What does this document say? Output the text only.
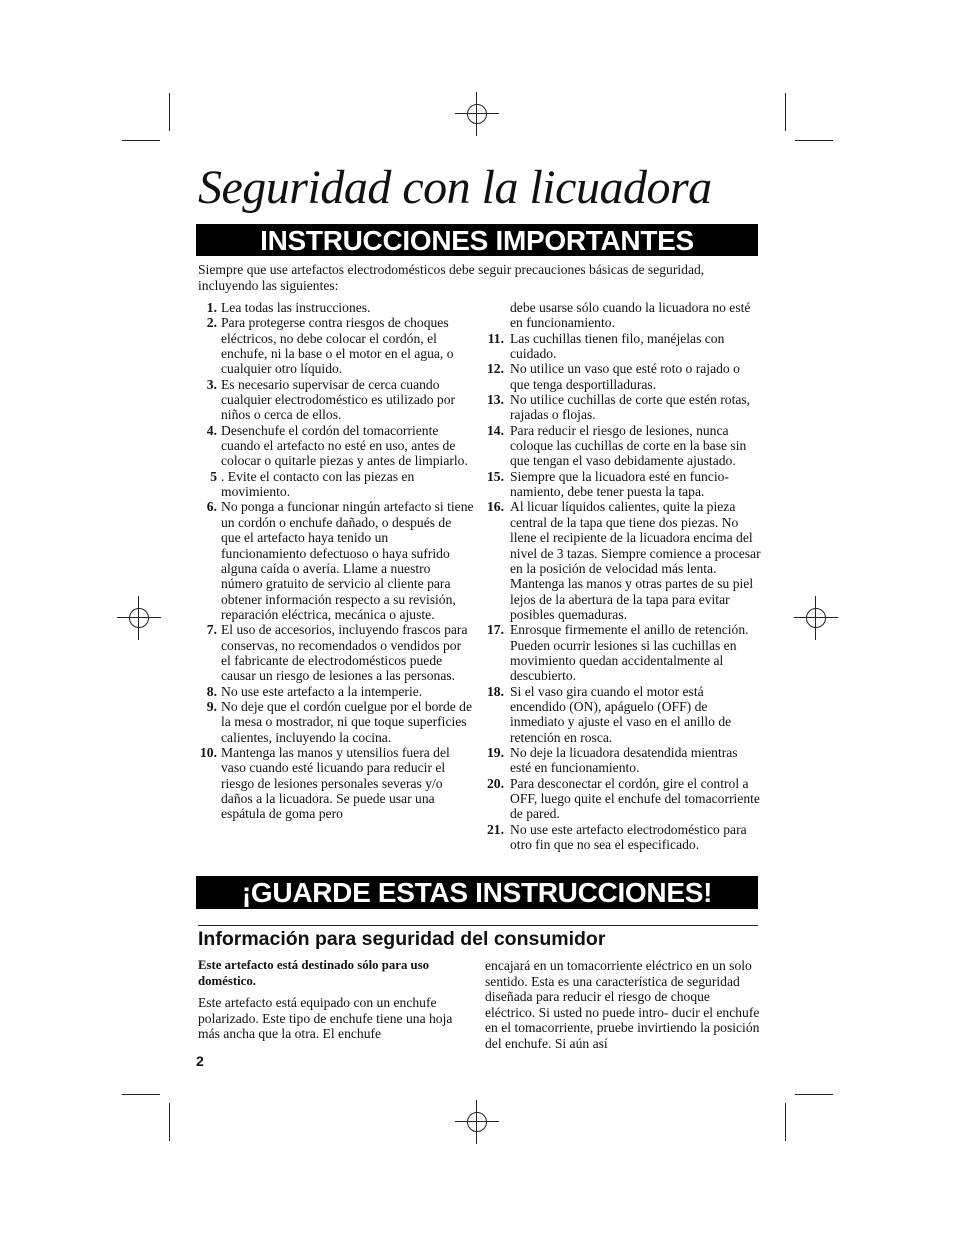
Seguridad con la licuadora
INSTRUCCIONES IMPORTANTES

Siempre que use artefactos electrodomésticos debe seguir precauciones básicas de seguridad, incluyendo las siguientes:

1. Lea todas las instrucciones.
2. Para protegerse contra riesgos de choques eléctricos, no debe colocar el cordón, el enchufe, ni la base o el motor en el agua, o cualquier otro líquido.
3. Es necesario supervisar de cerca cuando cualquier electrodoméstico es utilizado por niños o cerca de ellos.
4. Desenchufe el cordón del tomacorriente cuando el artefacto no esté en uso, antes de colocar o quitarle piezas y antes de limpiarlo.
5 . Evite el contacto con las piezas en movimiento.
6. No ponga a funcionar ningún artefacto si tiene un cordón o enchufe dañado, o después de que el artefacto haya tenido un funcionamiento defectuoso o haya sufrido alguna caída o avería. Llame a nuestro número gratuito de servicio al cliente para obtener información respecto a su revisión, reparación eléctrica, mecánica o ajuste.
7. El uso de accesorios, incluyendo frascos para conservas, no recomendados o vendidos por el fabricante de electrodomésticos puede causar un riesgo de lesiones a las personas.
8. No use este artefacto a la intemperie.
9. No deje que el cordón cuelgue por el borde de la mesa o mostrador, ni que toque superficies calientes, incluyendo la cocina.
10. Mantenga las manos y utensilios fuera del vaso cuando esté licuando para reducir el riesgo de lesiones personales severas y/o daños a la licuadora. Se puede usar una espátula de goma pero
debe usarse sólo cuando la licuadora no esté en funcionamiento.
11. Las cuchillas tienen filo, manéjelas con cuidado.
12. No utilice un vaso que esté roto o rajado o que tenga desportilladuras.
13. No utilice cuchillas de corte que estén rotas, rajadas o flojas.
14. Para reducir el riesgo de lesiones, nunca coloque las cuchillas de corte en la base sin que tengan el vaso debidamente ajustado.
15. Siempre que la licuadora esté en funcio- namiento, debe tener puesta la tapa.
16. Al licuar líquidos calientes, quite la pieza central de la tapa que tiene dos piezas. No llene el recipiente de la licuadora encima del nivel de 3 tazas. Siempre comience a procesar en la posición de velocidad más lenta. Mantenga las manos y otras partes de su piel lejos de la abertura de la tapa para evitar posibles quemaduras.
17. Enrosque firmemente el anillo de retención. Pueden ocurrir lesiones si las cuchillas en movimiento quedan accidentalmente al descubierto.
18. Si el vaso gira cuando el motor está encendido (ON), apáguelo (OFF) de inmediato y ajuste el vaso en el anillo de retención en rosca.
19. No deje la licuadora desatendida mientras esté en funcionamiento.
20. Para desconectar el cordón, gire el control a OFF, luego quite el enchufe del tomacorriente de pared.
21. No use este artefacto electrodoméstico para otro fin que no sea el especificado.
¡GUARDE ESTAS INSTRUCCIONES!
Información para seguridad del consumidor

Este artefacto está destinado sólo para uso doméstico.

Este artefacto está equipado con un enchufe polarizado. Este tipo de enchufe tiene una hoja más ancha que la otra. El enchufe

encajará en un tomacorriente eléctrico en un solo sentido. Esta es una característica de seguridad diseñada para reducir el riesgo de choque eléctrico. Si usted no puede intro- ducir el enchufe en el tomacorriente, pruebe invirtiendo la posición del enchufe. Si aún así

2
